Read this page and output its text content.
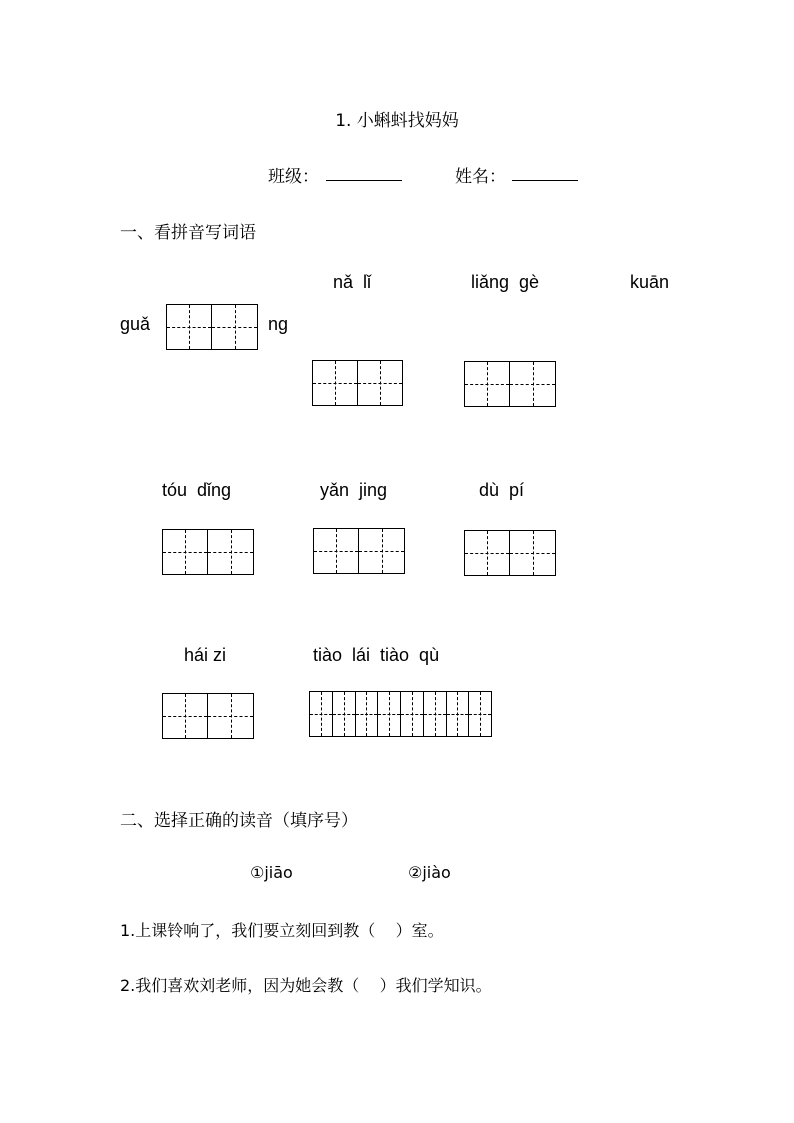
1. 小蝌蚪找妈妈
班级：	姓名：
一、看拼音写词语
nǎ  lǐ	liǎng  gè	kuān
guǎ	ng
tóu  dǐng	yǎn  jing	dù  pí
hái zi	tiào  lái  tiào  qù
二、选择正确的读音（填序号）
①jiāo	②jiào
1.上课铃响了，我们要立刻回到教（    ）室。
2.我们喜欢刘老师，因为她会教（    ）我们学知识。
